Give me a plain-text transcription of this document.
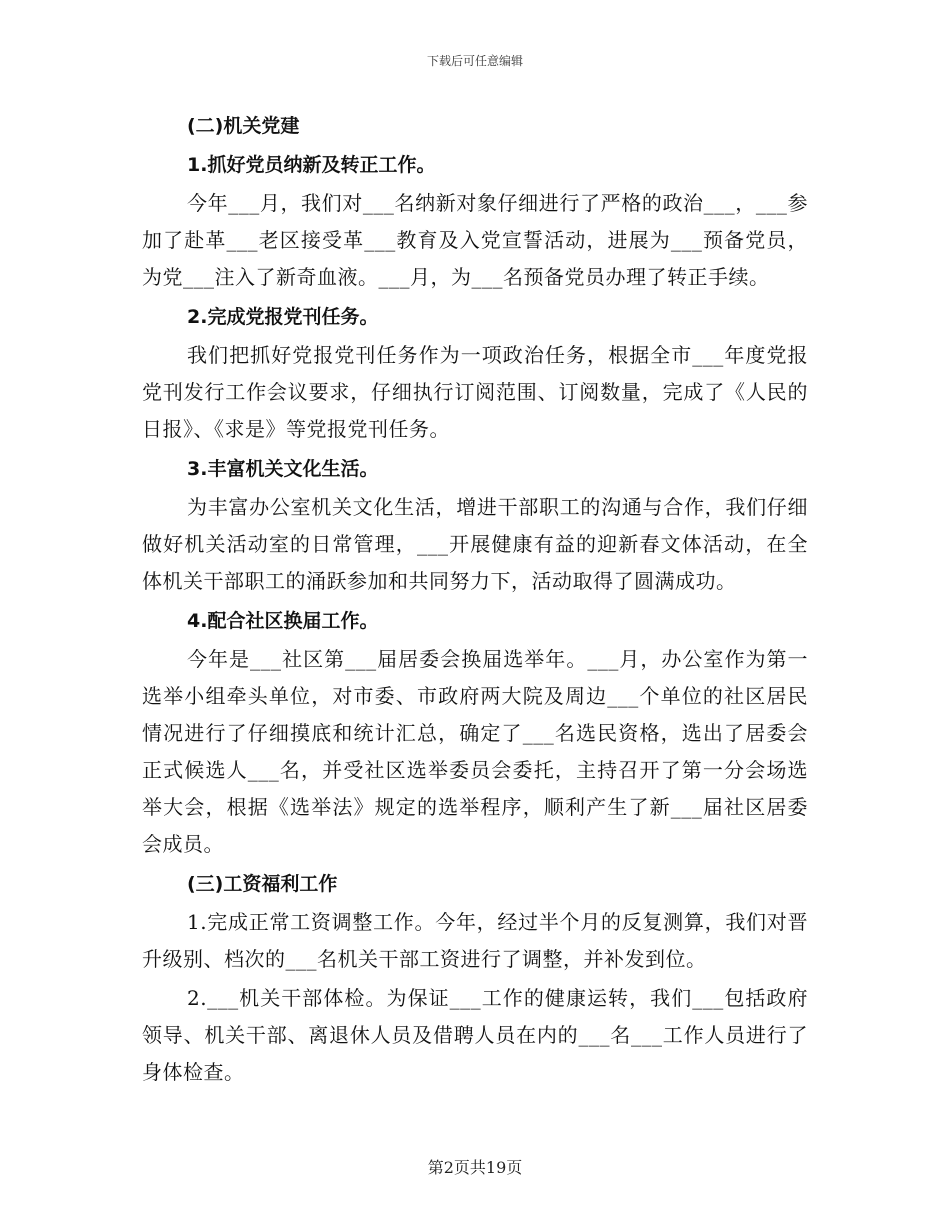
下载后可任意编辑
(二)机关党建
1.抓好党员纳新及转正工作。

今年___月，我们对___名纳新对象仔细进行了严格的政治___，___参加了赴革___老区接受革___教育及入党宣誓活动，进展为___预备党员，为党___注入了新奇血液。___月，为___名预备党员办理了转正手续。

2.完成党报党刊任务。

我们把抓好党报党刊任务作为一项政治任务，根据全市___年度党报党刊发行工作会议要求，仔细执行订阅范围、订阅数量，完成了《人民的日报》、《求是》等党报党刊任务。

3.丰富机关文化生活。

为丰富办公室机关文化生活，增进干部职工的沟通与合作，我们仔细做好机关活动室的日常管理，___开展健康有益的迎新春文体活动，在全体机关干部职工的涌跃参加和共同努力下，活动取得了圆满成功。

4.配合社区换届工作。

今年是___社区第___届居委会换届选举年。___月，办公室作为第一选举小组牵头单位，对市委、市政府两大院及周边___个单位的社区居民情况进行了仔细摸底和统计汇总，确定了___名选民资格，选出了居委会正式候选人___名，并受社区选举委员会委托，主持召开了第一分会场选举大会，根据《选举法》规定的选举程序，顺利产生了新___届社区居委会成员。

(三)工资福利工作

1.完成正常工资调整工作。今年，经过半个月的反复测算，我们对晋升级别、档次的___名机关干部工资进行了调整，并补发到位。

2.___机关干部体检。为保证___工作的健康运转，我们___包括政府领导、机关干部、离退休人员及借聘人员在内的___名___工作人员进行了身体检查。

第2页共19页
